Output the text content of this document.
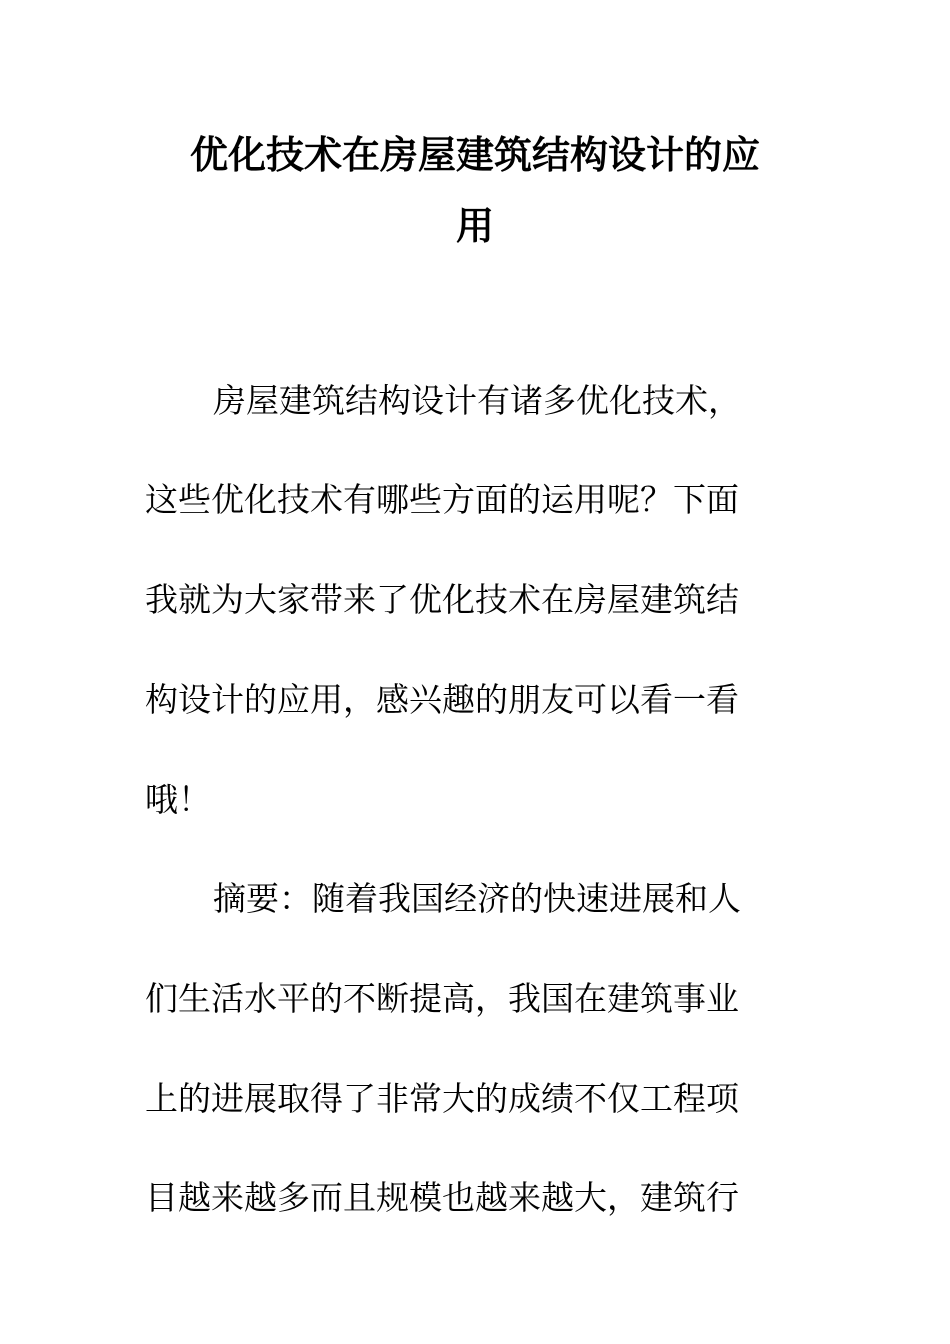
优化技术在房屋建筑结构设计的应
用
房屋建筑结构设计有诸多优化技术，
这些优化技术有哪些方面的运用呢？下面
我就为大家带来了优化技术在房屋建筑结
构设计的应用，感兴趣的朋友可以看一看
哦！
摘要：随着我国经济的快速进展和人
们生活水平的不断提高，我国在建筑事业
上的进展取得了非常大的成绩不仅工程项
目越来越多而且规模也越来越大，建筑行
